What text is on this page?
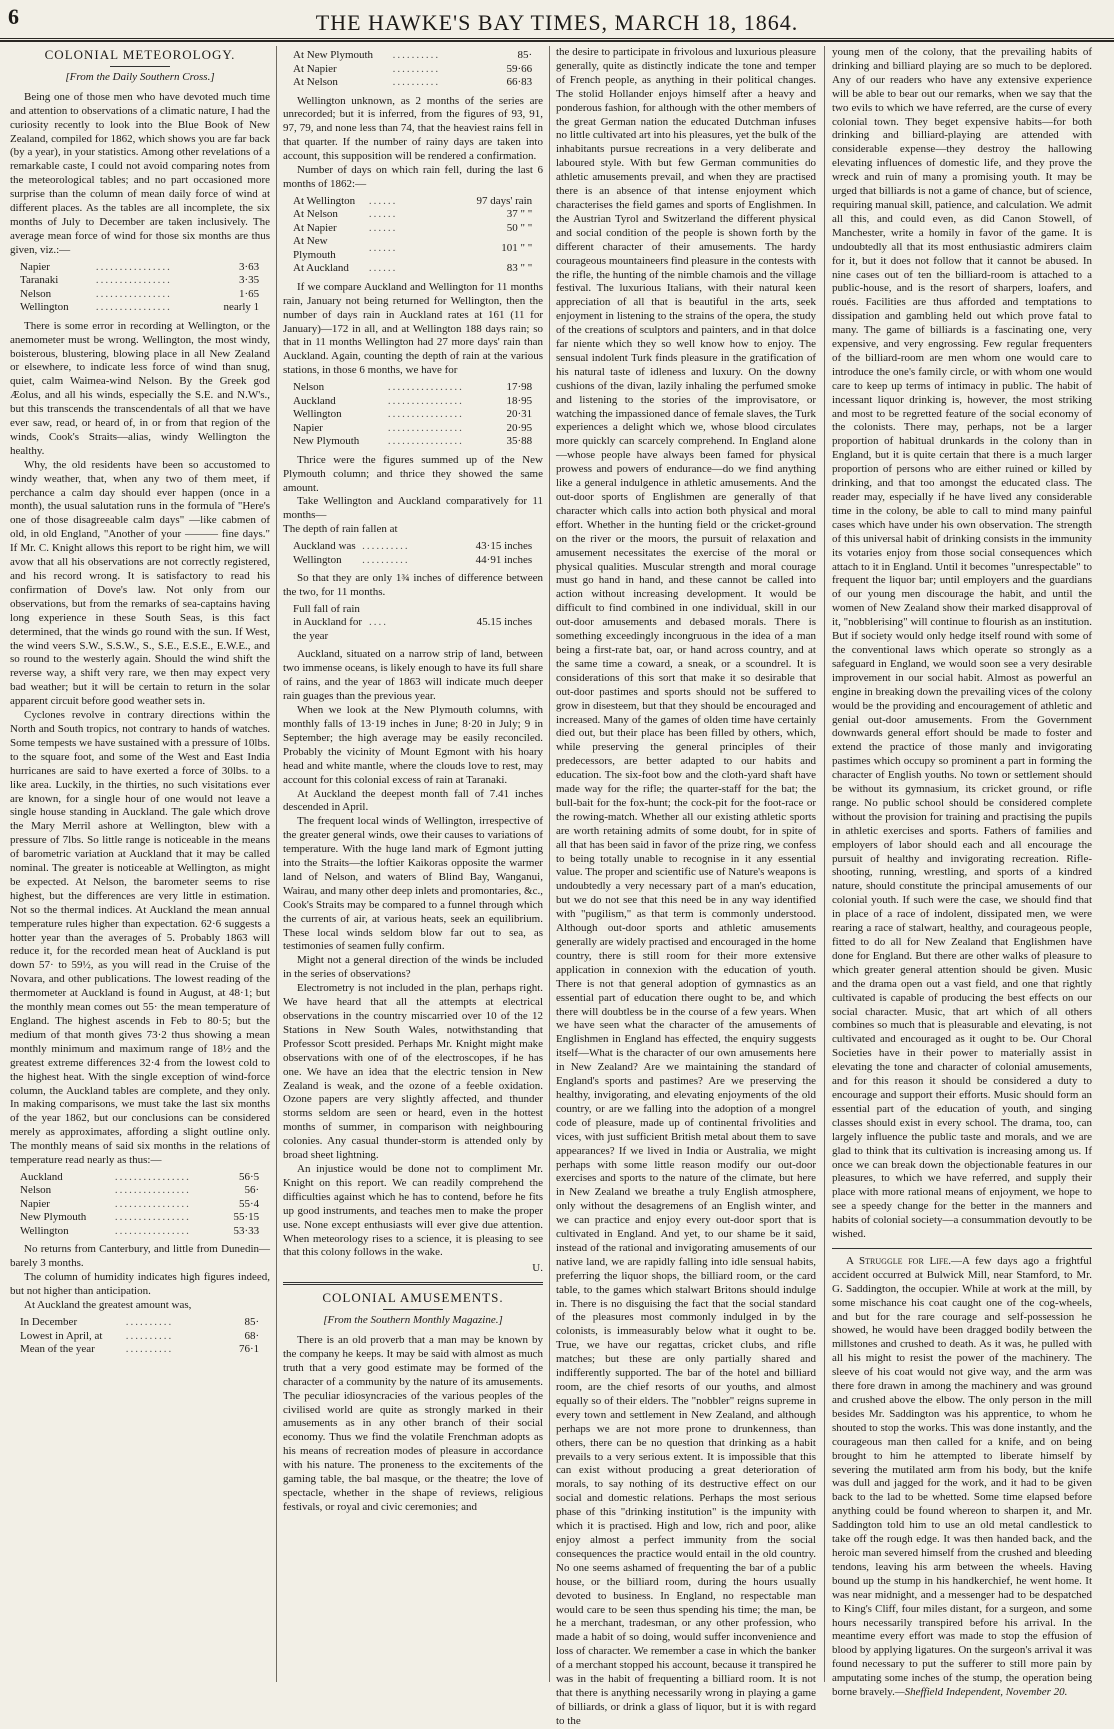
6	THE HAWKE'S BAY TIMES, MARCH 18, 1864.
COLONIAL METEOROLOGY.
[From the Daily Southern Cross.]

Being one of those men who have devoted much time and attention to observations of a climatic nature, I had the curiosity recently to look into the Blue Book of New Zealand, compiled for 1862, which shows you are far back (by a year), in your statistics. Among other revelations of a remarkable caste, I could not avoid comparing notes from the meteorological tables; and no part occasioned more surprise than the column of mean daily force of wind at different places. As the tables are all incomplete, the six months of July to December are taken inclusively. The average mean force of wind for those six months are thus given, viz.:—

Napier	................	3·63
Taranaki	................	3·35
Nelson	................	1·65
Wellington	................	nearly 1

There is some error in recording at Wellington, or the anemometer must be wrong. Wellington, the most windy, boisterous, blustering, blowing place in all New Zealand or elsewhere, to indicate less force of wind than snug, quiet, calm Waimea-wind Nelson. By the Greek god Æolus, and all his winds, especially the S.E. and N.W's., but this transcends the transcendentals of all that we have ever saw, read, or heard of, in or from that region of the winds, Cook's Straits—alias, windy Wellington the healthy.

Why, the old residents have been so accustomed to windy weather, that, when any two of them meet, if perchance a calm day should ever happen (once in a month), the usual salutation runs in the formula of "Here's one of those disagreeable calm days" —like cabmen of old, in old England, "Another of your ——— fine days." If Mr. C. Knight allows this report to be right him, we will avow that all his observations are not correctly registered, and his record wrong. It is satisfactory to read his confirmation of Dove's law. Not only from our observations, but from the remarks of sea-captains having long experience in these South Seas, is this fact determined, that the winds go round with the sun. If West, the wind veers S.W., S.S.W., S., S.E., E.S.E., E.W.E., and so round to the westerly again. Should the wind shift the reverse way, a shift very rare, we then may expect very bad weather; but it will be certain to return in the solar apparent circuit before good weather sets in.

Cyclones revolve in contrary directions within the North and South tropics, not contrary to hands of watches. Some tempests we have sustained with a pressure of 10lbs. to the square foot, and some of the West and East India hurricanes are said to have exerted a force of 30lbs. to a like area. Luckily, in the thirties, no such visitations ever are known, for a single hour of one would not leave a single house standing in Auckland. The gale which drove the Mary Merril ashore at Wellington, blew with a pressure of 7lbs. So little range is noticeable in the means of barometric variation at Auckland that it may be called nominal. The greater is noticeable at Wellington, as might be expected. At Nelson, the barometer seems to rise highest, but the differences are very little in estimation. Not so the thermal indices. At Auckland the mean annual temperature rules higher than expectation. 62·6 suggests a hotter year than the averages of 5. Probably 1863 will reduce it, for the recorded mean heat of Auckland is put down 57· to 59½, as you will read in the Cruise of the Novara, and other publications. The lowest reading of the thermometer at Auckland is found in August, at 48·1; but the monthly mean comes out 55· the mean temperature of England. The highest ascends in Feb to 80·5; but the medium of that month gives 73·2 thus showing a mean monthly minimum and maximum range of 18½ and the greatest extreme differences 32·4 from the lowest cold to the highest heat. With the single exception of wind-force column, the Auckland tables are complete, and they only. In making comparisons, we must take the last six months of the year 1862, but our conclusions can be considered merely as approximates, affording a slight outline only. The monthly means of said six months in the relations of temperature read nearly as thus:—

Auckland	................	56·5
Nelson	................	56·
Napier	................	55·4
New Plymouth	................	55·15
Wellington	................	53·33

No returns from Canterbury, and little from Dunedin—barely 3 months.

The column of humidity indicates high figures indeed, but not higher than anticipation.

At Auckland the greatest amount was,

In December	..........	85·
Lowest in April, at	..........	68·
Mean of the year	..........	76·1
At New Plymouth	..........	85·
At Napier	..........	59·66
At Nelson	..........	66·83

Wellington unknown, as 2 months of the series are unrecorded; but it is inferred, from the figures of 93, 91, 97, 79, and none less than 74, that the heaviest rains fell in that quarter. If the number of rainy days are taken into account, this supposition will be rendered a confirmation.

Number of days on which rain fell, during the last 6 months of 1862:—

At Wellington	......	97 days' rain
At Nelson	......	37 " "
At Napier	......	50 " "
At New Plymouth	......	101 " "
At Auckland	......	83 " "

If we compare Auckland and Wellington for 11 months rain, January not being returned for Wellington, then the number of days rain in Auckland rates at 161 (11 for January)—172 in all, and at Wellington 188 days rain; so that in 11 months Wellington had 27 more days' rain than Auckland. Again, counting the depth of rain at the various stations, in those 6 months, we have for

Nelson	................	17·98
Auckland	................	18·95
Wellington	................	20·31
Napier	................	20·95
New Plymouth	................	35·88

Thrice were the figures summed up of the New Plymouth column; and thrice they showed the same amount.

Take Wellington and Auckland comparatively for 11 months—

The depth of rain fallen at

Auckland was	..........	43·15 inches
Wellington	..........	44·91 inches

So that they are only 1¾ inches of difference between the two, for 11 months.

Full fall of rain in Auckland for the year	....	45.15 inches

Auckland, situated on a narrow strip of land, between two immense oceans, is likely enough to have its full share of rains, and the year of 1863 will indicate much deeper rain guages than the previous year.

When we look at the New Plymouth columns, with monthly falls of 13·19 inches in June; 8·20 in July; 9 in September; the high average may be easily reconciled. Probably the vicinity of Mount Egmont with his hoary head and white mantle, where the clouds love to rest, may account for this colonial excess of rain at Taranaki.

At Auckland the deepest month fall of 7.41 inches descended in April.

The frequent local winds of Wellington, irrespective of the greater general winds, owe their causes to variations of temperature. With the huge land mark of Egmont jutting into the Straits—the loftier Kaikoras opposite the warmer land of Nelson, and waters of Blind Bay, Wanganui, Wairau, and many other deep inlets and promontaries, &c., Cook's Straits may be compared to a funnel through which the currents of air, at various heats, seek an equilibrium. These local winds seldom blow far out to sea, as testimonies of seamen fully confirm.

Might not a general direction of the winds be included in the series of observations?

Electrometry is not included in the plan, perhaps right. We have heard that all the attempts at electrical observations in the country miscarried over 10 of the 12 Stations in New South Wales, notwithstanding that Professor Scott presided. Perhaps Mr. Knight might make observations with one of of the electroscopes, if he has one. We have an idea that the electric tension in New Zealand is weak, and the ozone of a feeble oxidation. Ozone papers are very slightly affected, and thunder storms seldom are seen or heard, even in the hottest months of summer, in comparison with neighbouring colonies. Any casual thunder-storm is attended only by broad sheet lightning.

An injustice would be done not to compliment Mr. Knight on this report. We can readily comprehend the difficulties against which he has to contend, before he fits up good instruments, and teaches men to make the proper use. None except enthusiasts will ever give due attention. When meteorology rises to a science, it is pleasing to see that this colony follows in the wake.

U.
COLONIAL AMUSEMENTS.
[From the Southern Monthly Magazine.]

There is an old proverb that a man may be known by the company he keeps. It may be said with almost as much truth that a very good estimate may be formed of the character of a community by the nature of its amusements. The peculiar idiosyncracies of the various peoples of the civilised world are quite as strongly marked in their amusements as in any other branch of their social economy. Thus we find the volatile Frenchman adopts as his means of recreation modes of pleasure in accordance with his nature. The proneness to the excitements of the gaming table, the bal masque, or the theatre; the love of spectacle, whether in the shape of reviews, religious festivals, or royal and civic ceremonies; and

the desire to participate in frivolous and luxurious pleasure generally, quite as distinctly indicate the tone and temper of French people, as anything in their political changes. The stolid Hollander enjoys himself after a heavy and ponderous fashion, for although with the other members of the great German nation the educated Dutchman infuses no little cultivated art into his pleasures, yet the bulk of the inhabitants pursue recreations in a very deliberate and laboured style. With but few German communities do athletic amusements prevail, and when they are practised there is an absence of that intense enjoyment which characterises the field games and sports of Englishmen. In the Austrian Tyrol and Switzerland the different physical and social condition of the people is shown forth by the different character of their amusements. The hardy courageous mountaineers find pleasure in the contests with the rifle, the hunting of the nimble chamois and the village festival. The luxurious Italians, with their natural keen appreciation of all that is beautiful in the arts, seek enjoyment in listening to the strains of the opera, the study of the creations of sculptors and painters, and in that dolce far niente which they so well know how to enjoy. The sensual indolent Turk finds pleasure in the gratification of his natural taste of idleness and luxury. On the downy cushions of the divan, lazily inhaling the perfumed smoke and listening to the stories of the improvisatore, or watching the impassioned dance of female slaves, the Turk experiences a delight which we, whose blood circulates more quickly can scarcely comprehend. In England alone—whose people have always been famed for physical prowess and powers of endurance—do we find anything like a general indulgence in athletic amusements. And the out-door sports of Englishmen are generally of that character which calls into action both physical and moral effort. Whether in the hunting field or the cricket-ground on the river or the moors, the pursuit of relaxation and amusement necessitates the exercise of the moral or physical qualities. Muscular strength and moral courage must go hand in hand, and these cannot be called into action without increasing development. It would be difficult to find combined in one individual, skill in our out-door amusements and debased morals. There is something exceedingly incongruous in the idea of a man being a first-rate bat, oar, or hand across country, and at the same time a coward, a sneak, or a scoundrel. It is considerations of this sort that make it so desirable that out-door pastimes and sports should not be suffered to grow in disesteem, but that they should be encouraged and increased. Many of the games of olden time have certainly died out, but their place has been filled by others, which, while preserving the general principles of their predecessors, are better adapted to our habits and education. The six-foot bow and the cloth-yard shaft have made way for the rifle; the quarter-staff for the bat; the bull-bait for the fox-hunt; the cock-pit for the foot-race or the rowing-match. Whether all our existing athletic sports are worth retaining admits of some doubt, for in spite of all that has been said in favor of the prize ring, we confess to being totally unable to recognise in it any essential value. The proper and scientific use of Nature's weapons is undoubtedly a very necessary part of a man's education, but we do not see that this need be in any way identified with "pugilism," as that term is commonly understood. Although out-door sports and athletic amusements generally are widely practised and encouraged in the home country, there is still room for their more extensive application in connexion with the education of youth. There is not that general adoption of gymnastics as an essential part of education there ought to be, and which there will doubtless be in the course of a few years. When we have seen what the character of the amusements of Englishmen in England has effected, the enquiry suggests itself—What is the character of our own amusements here in New Zealand? Are we maintaining the standard of England's sports and pastimes? Are we preserving the healthy, invigorating, and elevating enjoyments of the old country, or are we falling into the adoption of a mongrel code of pleasure, made up of continental frivolities and vices, with just sufficient British metal about them to save appearances? If we lived in India or Australia, we might perhaps with some little reason modify our out-door exercises and sports to the nature of the climate, but here in New Zealand we breathe a truly English atmosphere, only without the desagremens of an English winter, and we can practice and enjoy every out-door sport that is cultivated in England. And yet, to our shame be it said, instead of the rational and invigorating amusements of our native land, we are rapidly falling into idle sensual habits, preferring the liquor shops, the billiard room, or the card table, to the games which stalwart Britons should indulge in. There is no disguising the fact that the social standard of the pleasures most commonly indulged in by the colonists, is immeasurably below what it ought to be. True, we have our regattas, cricket clubs, and rifle matches; but these are only partially shared and indifferently supported. The bar of the hotel and billiard room, are the chief resorts of our youths, and almost equally so of their elders. The "nobbler" reigns supreme in every town and settlement in New Zealand, and although perhaps we are not more prone to drunkenness, than others, there can be no question that drinking as a habit prevails to a very serious extent. It is impossible that this can exist without producing a great deterioration of morals, to say nothing of its destructive effect on our social and domestic relations. Perhaps the most serious phase of this "drinking institution" is the impunity with which it is practised. High and low, rich and poor, alike enjoy almost a perfect immunity from the social consequences the practice would entail in the old country. No one seems ashamed of frequenting the bar of a public house, or the billiard room, during the hours usually devoted to business. In England, no respectable man would care to be seen thus spending his time; the man, be he a merchant, tradesman, or any other profession, who made a habit of so doing, would suffer inconvenience and loss of character. We remember a case in which the banker of a merchant stopped his account, because it transpired he was in the habit of frequenting a billiard room. It is not that there is anything necessarily wrong in playing a game of billiards, or drink a glass of liquor, but it is with regard to the

young men of the colony, that the prevailing habits of drinking and billiard playing are so much to be deplored. Any of our readers who have any extensive experience will be able to bear out our remarks, when we say that the two evils to which we have referred, are the curse of every colonial town. They beget expensive habits—for both drinking and billiard-playing are attended with considerable expense—they destroy the hallowing elevating influences of domestic life, and they prove the wreck and ruin of many a promising youth. It may be urged that billiards is not a game of chance, but of science, requiring manual skill, patience, and calculation. We admit all this, and could even, as did Canon Stowell, of Manchester, write a homily in favor of the game. It is undoubtedly all that its most enthusiastic admirers claim for it, but it does not follow that it cannot be abused. In nine cases out of ten the billiard-room is attached to a public-house, and is the resort of sharpers, loafers, and roués. Facilities are thus afforded and temptations to dissipation and gambling held out which prove fatal to many. The game of billiards is a fascinating one, very expensive, and very engrossing. Few regular frequenters of the billiard-room are men whom one would care to introduce the one's family circle, or with whom one would care to keep up terms of intimacy in public. The habit of incessant liquor drinking is, however, the most striking and most to be regretted feature of the social economy of the colonists. There may, perhaps, not be a larger proportion of habitual drunkards in the colony than in England, but it is quite certain that there is a much larger proportion of persons who are either ruined or killed by drinking, and that too amongst the educated class. The reader may, especially if he have lived any considerable time in the colony, be able to call to mind many painful cases which have under his own observation. The strength of this universal habit of drinking consists in the immunity its votaries enjoy from those social consequences which attach to it in England. Until it becomes "unrespectable" to frequent the liquor bar; until employers and the guardians of our young men discourage the habit, and until the women of New Zealand show their marked disapproval of it, "nobblerising" will continue to flourish as an institution. But if society would only hedge itself round with some of the conventional laws which operate so strongly as a safeguard in England, we would soon see a very desirable improvement in our social habit. Almost as powerful an engine in breaking down the prevailing vices of the colony would be the providing and encouragement of athletic and genial out-door amusements. From the Government downwards general effort should be made to foster and extend the practice of those manly and invigorating pastimes which occupy so prominent a part in forming the character of English youths. No town or settlement should be without its gymnasium, its cricket ground, or rifle range. No public school should be considered complete without the provision for training and practising the pupils in athletic exercises and sports. Fathers of families and employers of labor should each and all encourage the pursuit of healthy and invigorating recreation. Rifle-shooting, running, wrestling, and sports of a kindred nature, should constitute the principal amusements of our colonial youth. If such were the case, we should find that in place of a race of indolent, dissipated men, we were rearing a race of stalwart, healthy, and courageous people, fitted to do all for New Zealand that Englishmen have done for England. But there are other walks of pleasure to which greater general attention should be given. Music and the drama open out a vast field, and one that rightly cultivated is capable of producing the best effects on our social character. Music, that art which of all others combines so much that is pleasurable and elevating, is not cultivated and encouraged as it ought to be. Our Choral Societies have in their power to materially assist in elevating the tone and character of colonial amusements, and for this reason it should be considered a duty to encourage and support their efforts. Music should form an essential part of the education of youth, and singing classes should exist in every school. The drama, too, can largely influence the public taste and morals, and we are glad to think that its cultivation is increasing among us. If once we can break down the objectionable features in our pleasures, to which we have referred, and supply their place with more rational means of enjoyment, we hope to see a speedy change for the better in the manners and habits of colonial society—a consummation devoutly to be wished.

A Struggle for Life.—A few days ago a frightful accident occurred at Bulwick Mill, near Stamford, to Mr. G. Saddington, the occupier. While at work at the mill, by some mischance his coat caught one of the cog-wheels, and but for the rare courage and self-possession he showed, he would have been dragged bodily between the millstones and crushed to death. As it was, he pulled with all his might to resist the power of the machinery. The sleeve of his coat would not give way, and the arm was there fore drawn in among the machinery and was ground and crushed above the elbow. The only person in the mill besides Mr. Saddington was his apprentice, to whom he shouted to stop the works. This was done instantly, and the courageous man then called for a knife, and on being brought to him he attempted to liberate himself by severing the mutilated arm from his body, but the knife was dull and jagged for the work, and it had to be given back to the lad to be whetted. Some time elapsed before anything could be found whereon to sharpen it, and Mr. Saddington told him to use an old metal candlestick to take off the rough edge. It was then handed back, and the heroic man severed himself from the crushed and bleeding tendons, leaving his arm between the wheels. Having bound up the stump in his handkerchief, he went home. It was near midnight, and a messenger had to be despatched to King's Cliff, four miles distant, for a surgeon, and some hours necessarily transpired before his arrival. In the meantime every effort was made to stop the effusion of blood by applying ligatures. On the surgeon's arrival it was found necessary to put the sufferer to still more pain by amputating some inches of the stump, the operation being borne bravely.—Sheffield Independent, November 20.
